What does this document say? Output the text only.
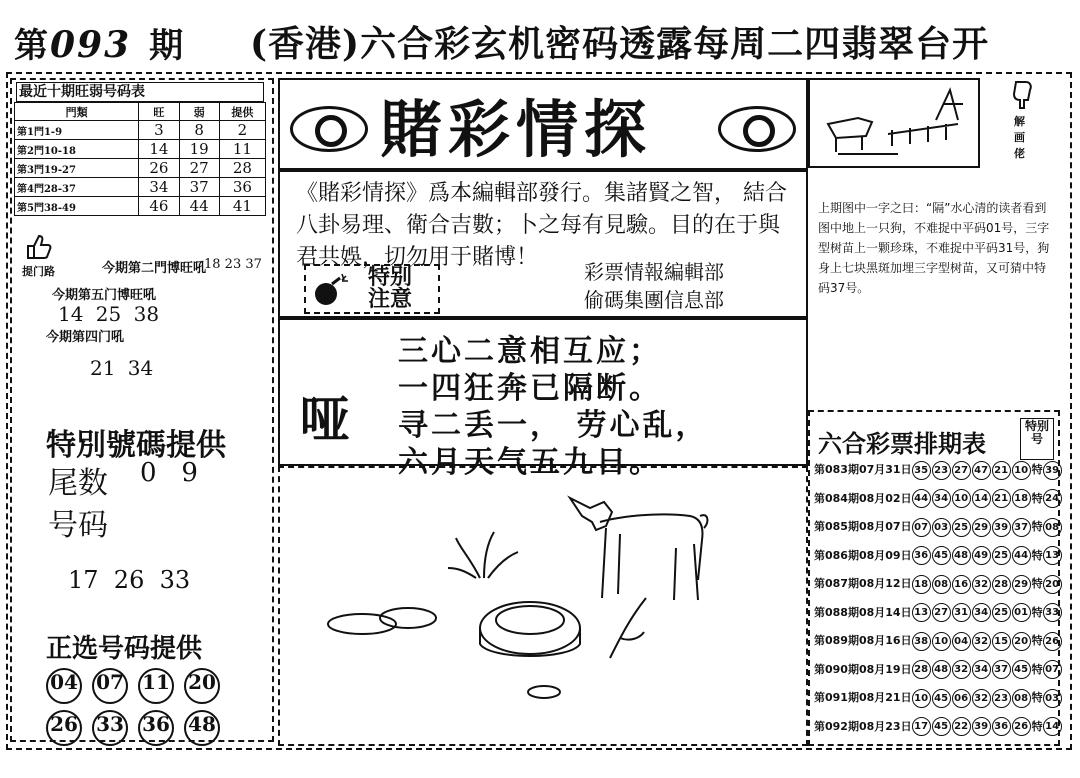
第093 期 (香港)六合彩玄机密码透露每周二四翡翠台开
最近十期旺弱号码表
門類	旺	弱	提供
第1門1-9	3	8	2
第2門10-18	14	19	11
第3門19-27	26	27	28
第4門28-37	34	37	36
第5門38-49	46	44	41
提门路	今期第二門博旺吼
18 23 37
今期第五门博旺吼
14 25 38
今期第四门吼
21 34
特別號碼提供
尾数 0   9
号码
17  26  33
正选号码提供
04 07 11 20
26 33 36 48
賭彩情探
《賭彩情探》爲本編輯部發行。集諸賢之智， 結合八卦易理、衛合吉數；卜之每有見驗。目的在于與君共娛，切勿用于賭博！
特别
注意
彩票情報編輯部
偷碼集團信息部
哑
三心二意相互应；
一四狂奔已隔断。
寻二丢一， 劳心乱，
六月天气五九日。
解画佬
上期图中一字之曰：“隔”水心清的读者看到图中地上一只狗，不难捉中平码01号，三字型树苗上一颗珍珠，不难捉中平码31号，狗身上七块黑斑加埋三字型树苗，又可猜中特码37号。
六合彩票排期表
特别号
第083期07月31日 35 23 27 47 21 10 特 39
第084期08月02日 44 34 10 14 21 18 特 24
第085期08月07日 07 03 25 29 39 37 特 08
第086期08月09日 36 45 48 49 25 44 特 13
第087期08月12日 18 08 16 32 28 29 特 20
第088期08月14日 13 27 31 34 25 01 特 33
第089期08月16日 38 10 04 32 15 20 特 26
第090期08月19日 28 48 32 34 37 45 特 07
第091期08月21日 10 45 06 32 23 08 特 03
第092期08月23日 17 45 22 39 36 26 特 14
